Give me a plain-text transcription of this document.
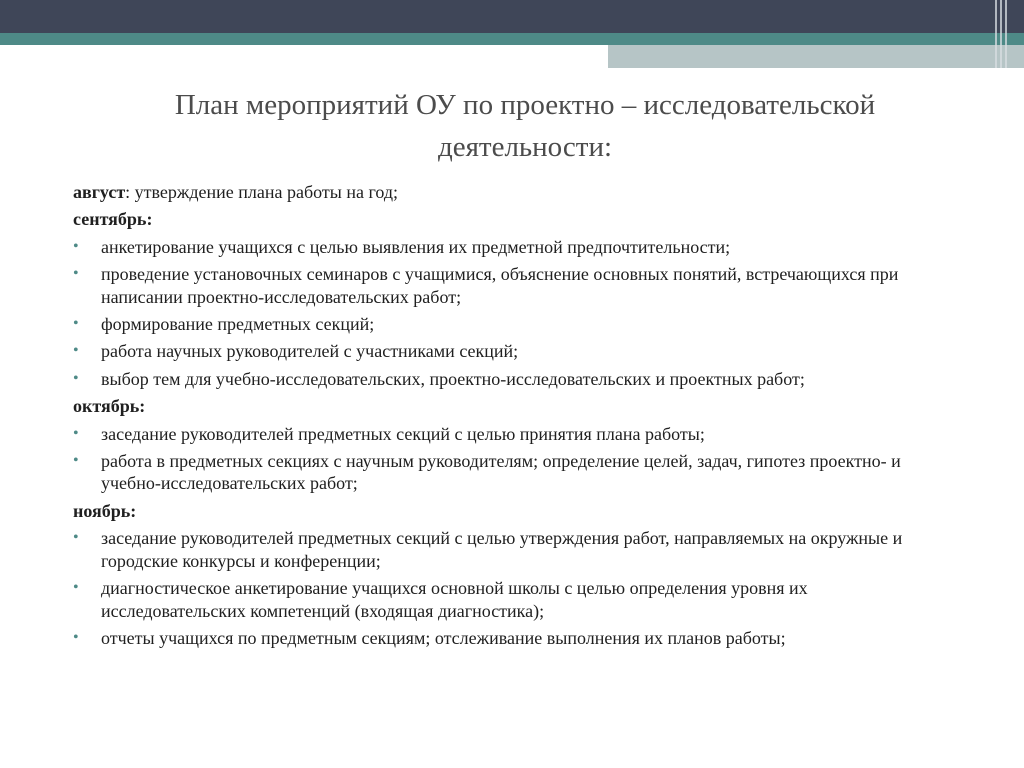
План мероприятий ОУ по проектно – исследовательской
деятельности:

август: утверждение плана работы на год;

сентябрь:

• анкетирование учащихся с целью выявления их предметной предпочтительности;
• проведение установочных семинаров с учащимися, объяснение основных понятий, встречающихся при написании проектно-исследовательских работ;
• формирование предметных секций;
• работа научных руководителей с участниками секций;
• выбор тем для учебно-исследовательских, проектно-исследовательских и проектных работ;

октябрь:

• заседание руководителей предметных секций с целью принятия плана работы;
• работа в предметных секциях с научным руководителям; определение целей, задач, гипотез проектно- и учебно-исследовательских работ;

ноябрь:

• заседание руководителей предметных секций с целью утверждения работ, направляемых на окружные и городские конкурсы и конференции;
• диагностическое анкетирование учащихся основной школы с целью определения уровня их исследовательских компетенций (входящая диагностика);
• отчеты учащихся по предметным секциям; отслеживание выполнения их планов работы;
